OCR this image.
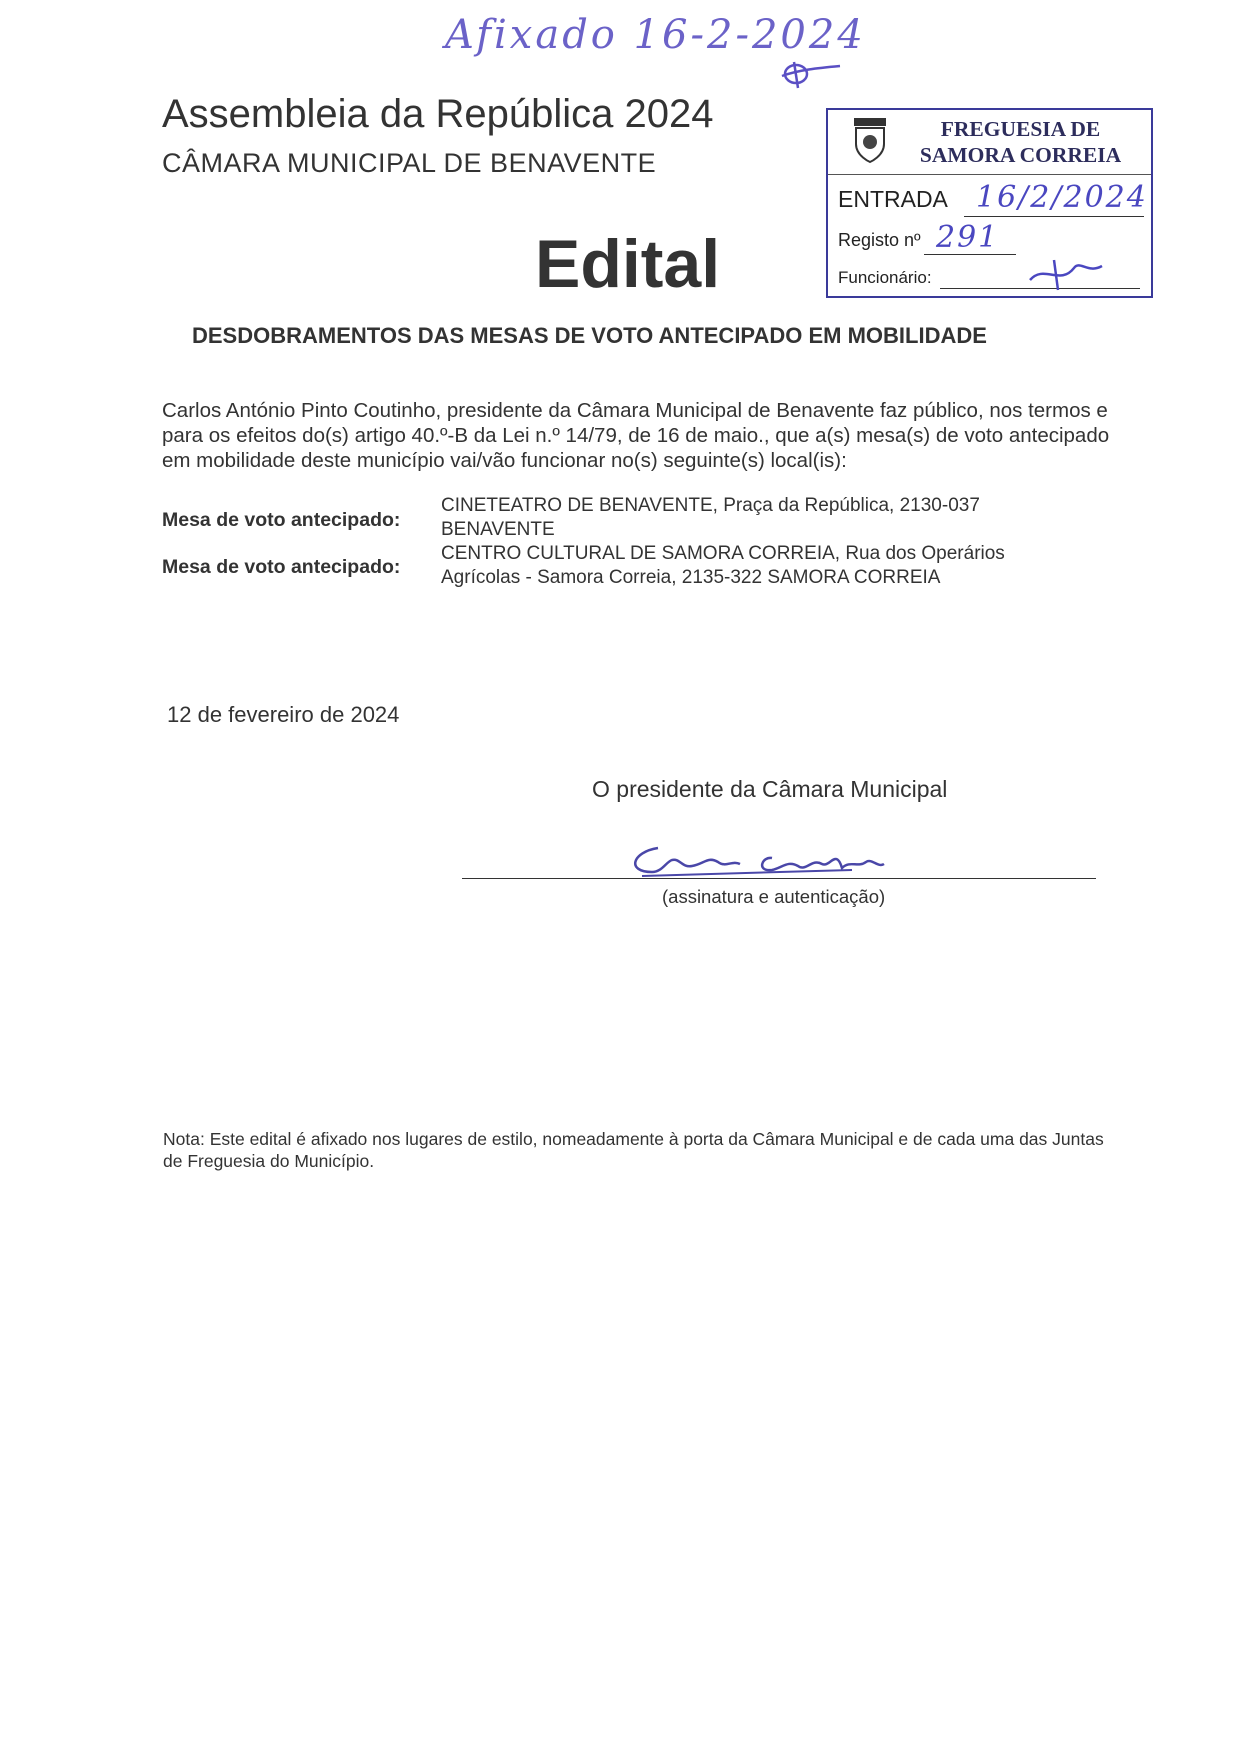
Afixado 16-2-2024
Assembleia da República 2024
CÂMARA MUNICIPAL DE BENAVENTE
FREGUESIA DE
SAMORA CORREIA
ENTRADA 16/2/2024
Registo nº 291
Funcionário:
Edital
DESDOBRAMENTOS DAS MESAS DE VOTO ANTECIPADO EM MOBILIDADE
Carlos António Pinto Coutinho, presidente da Câmara Municipal de Benavente faz público, nos termos e para os efeitos do(s) artigo 40.º-B da Lei n.º 14/79, de 16 de maio., que a(s) mesa(s) de voto antecipado em mobilidade deste município vai/vão funcionar no(s) seguinte(s) local(is):
Mesa de voto antecipado:
CINETEATRO DE BENAVENTE, Praça da República, 2130-037 BENAVENTE
Mesa de voto antecipado:
CENTRO CULTURAL DE SAMORA CORREIA, Rua dos Operários Agrícolas - Samora Correia, 2135-322 SAMORA CORREIA
12 de fevereiro de 2024
O presidente da Câmara Municipal
(assinatura e autenticação)
Nota: Este edital é afixado nos lugares de estilo, nomeadamente à porta da Câmara Municipal e de cada uma das Juntas de Freguesia do Município.
